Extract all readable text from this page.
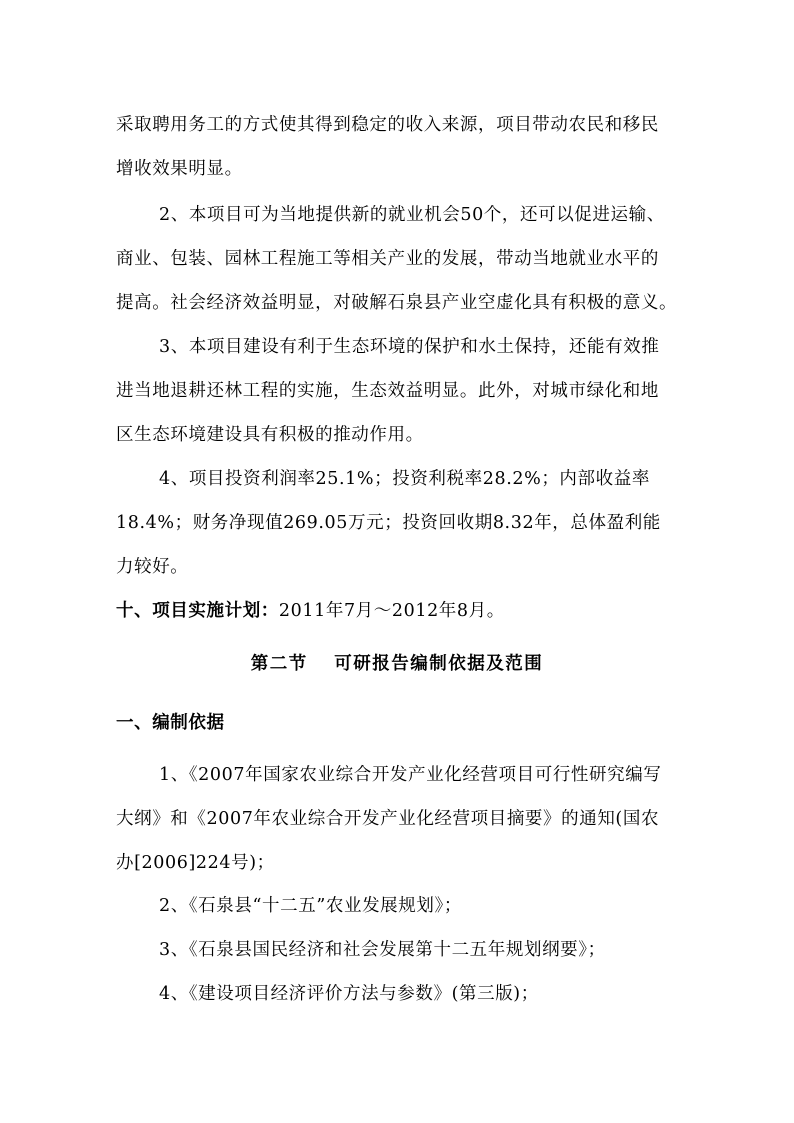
采取聘用务工的方式使其得到稳定的收入来源，项目带动农民和移民
增收效果明显。
2、本项目可为当地提供新的就业机会50个，还可以促进运输、
商业、包装、园林工程施工等相关产业的发展，带动当地就业水平的
提高。社会经济效益明显，对破解石泉县产业空虚化具有积极的意义。
3、本项目建设有利于生态环境的保护和水土保持，还能有效推
进当地退耕还林工程的实施，生态效益明显。此外，对城市绿化和地
区生态环境建设具有积极的推动作用。
4、项目投资利润率25.1%；投资利税率28.2%；内部收益率
18.4%；财务净现值269.05万元；投资回收期8.32年，总体盈利能
力较好。
十、项目实施计划：2011年7月～2012年8月。
第二节　 可研报告编制依据及范围
一、编制依据
1、《2007年国家农业综合开发产业化经营项目可行性研究编写
大纲》和《2007年农业综合开发产业化经营项目摘要》的通知(国农
办[2006]224号)；
2、《石泉县“十二五”农业发展规划》；
3、《石泉县国民经济和社会发展第十二五年规划纲要》；
4、《建设项目经济评价方法与参数》(第三版)；
